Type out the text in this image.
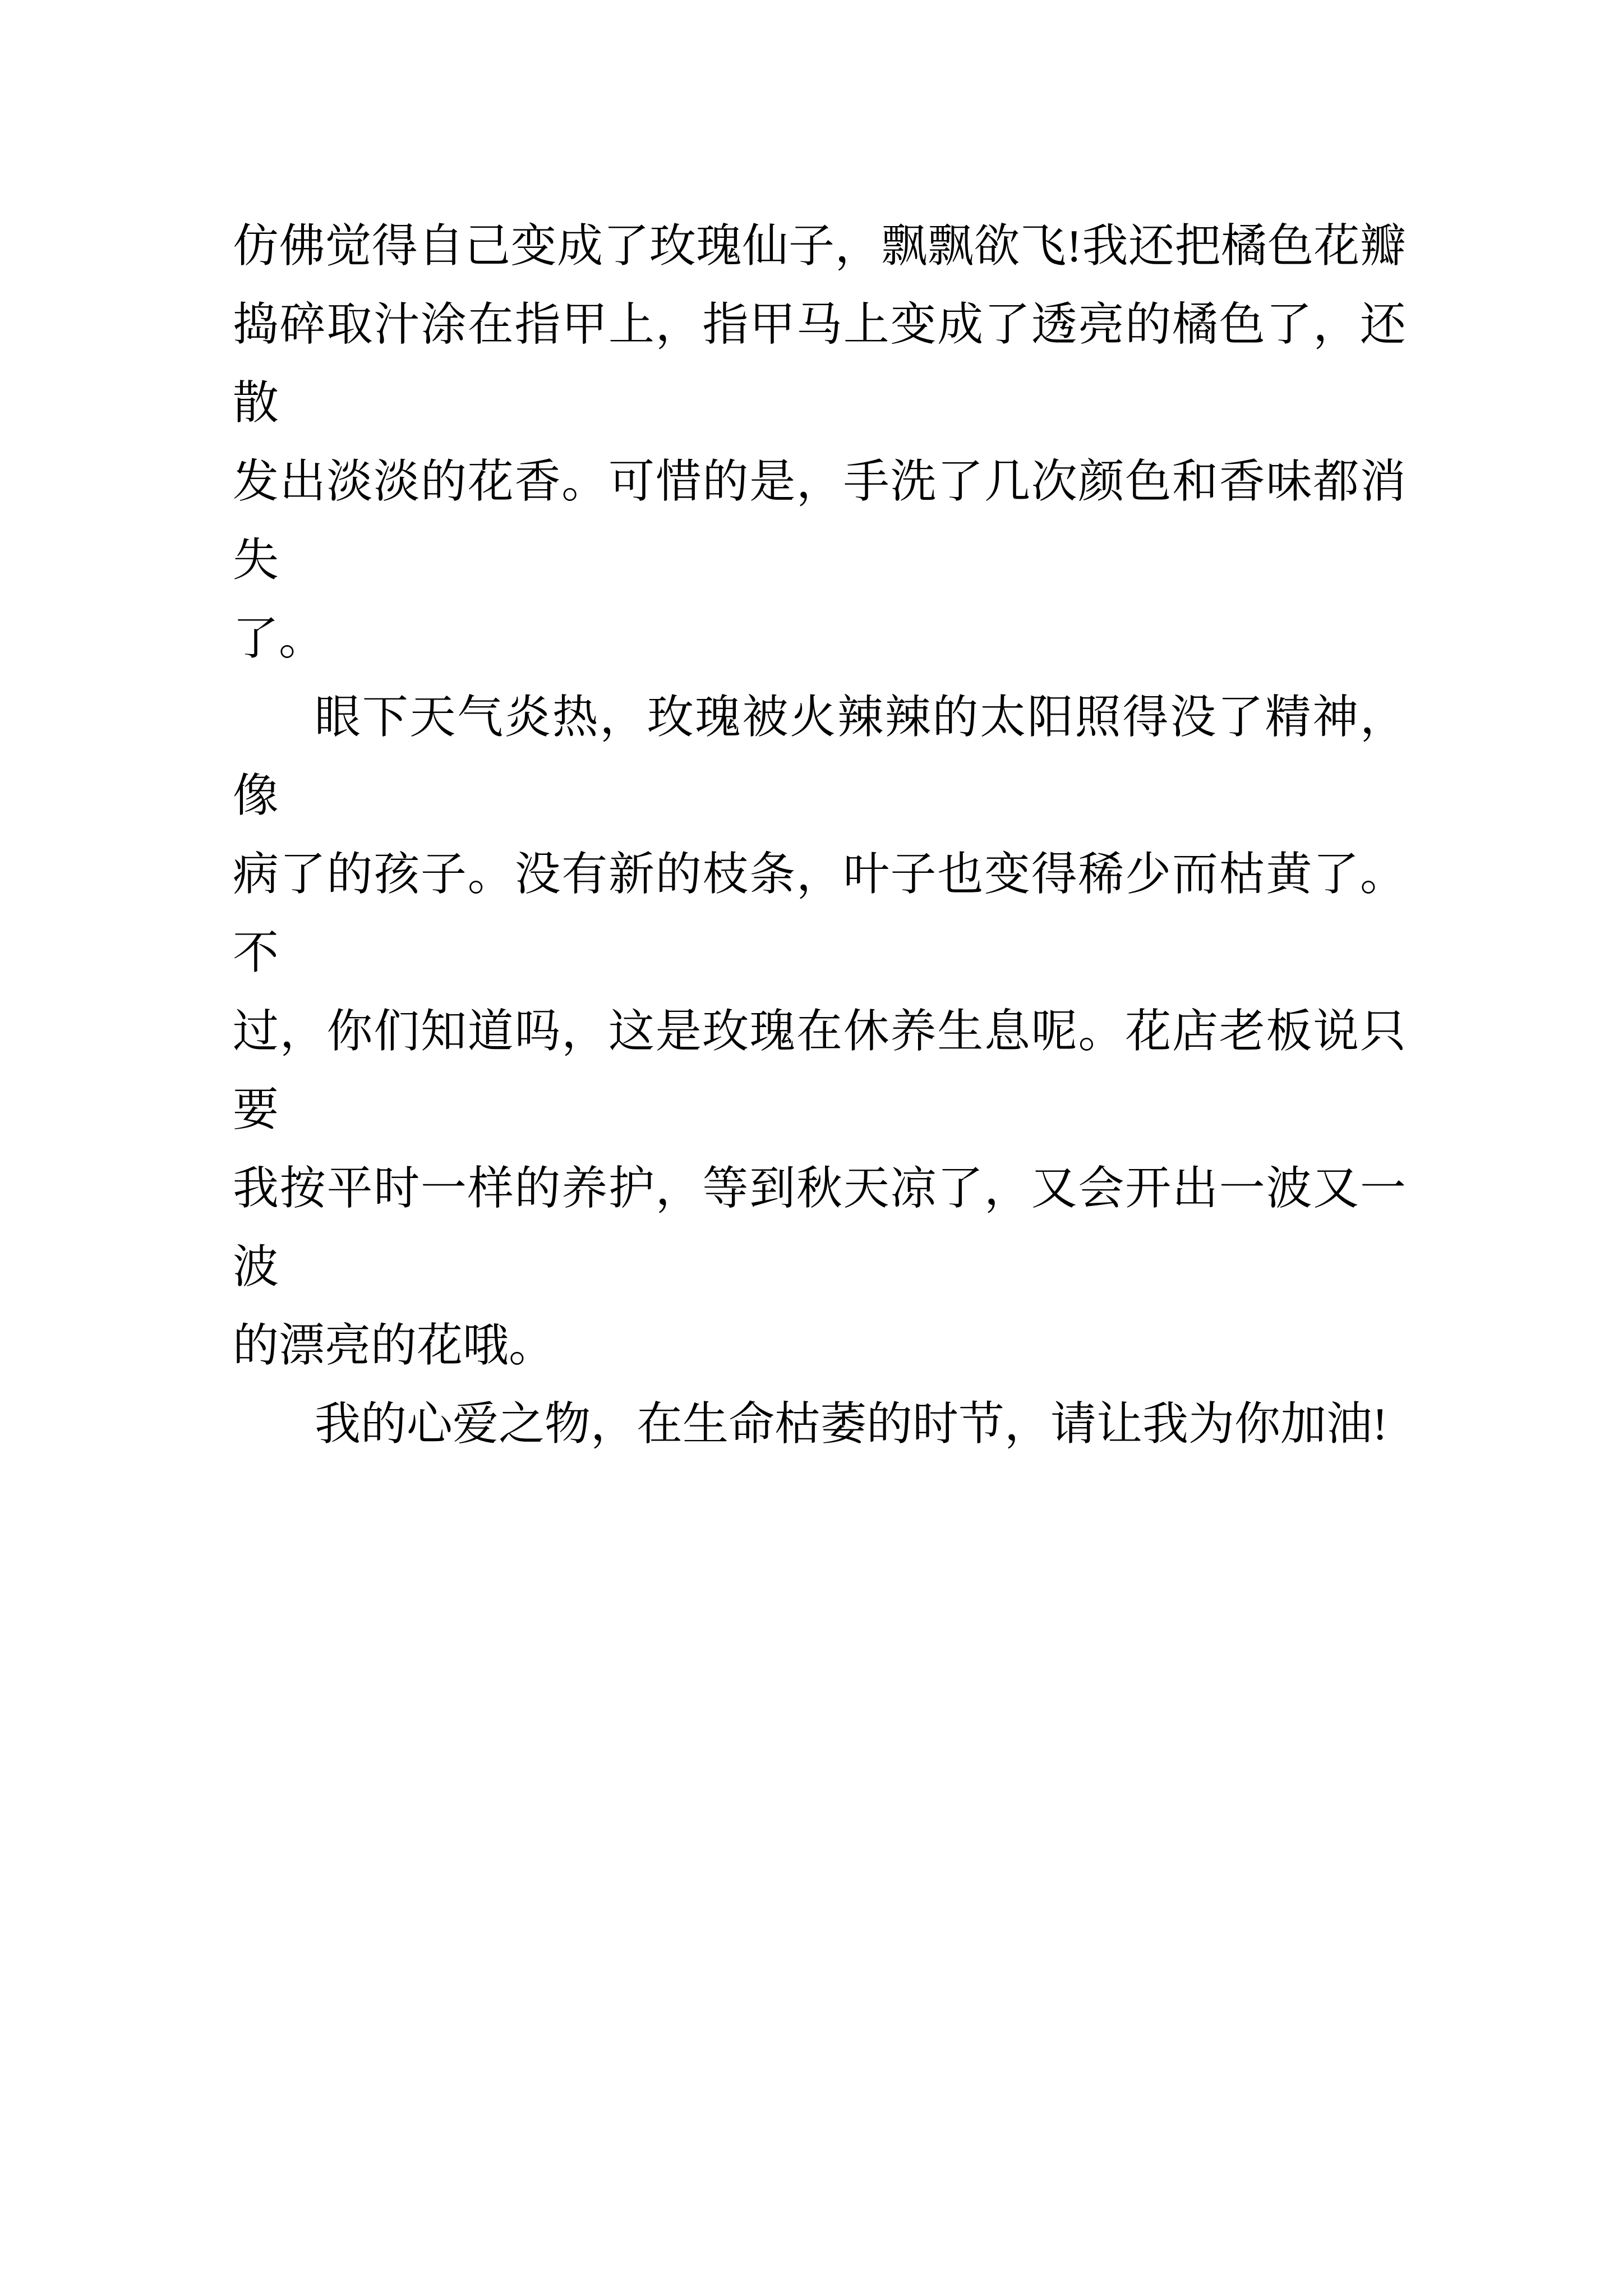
仿佛觉得自己变成了玫瑰仙子，飘飘欲飞!我还把橘色花瓣
捣碎取汁涂在指甲上，指甲马上变成了透亮的橘色了，还散
发出淡淡的花香。可惜的是，手洗了几次颜色和香味都消失
了。
眼下天气炎热，玫瑰被火辣辣的太阳照得没了精神，像
病了的孩子。没有新的枝条，叶子也变得稀少而枯黄了。不
过，你们知道吗，这是玫瑰在休养生息呢。花店老板说只要
我按平时一样的养护，等到秋天凉了，又会开出一波又一波
的漂亮的花哦。
我的心爱之物，在生命枯萎的时节，请让我为你加油!
